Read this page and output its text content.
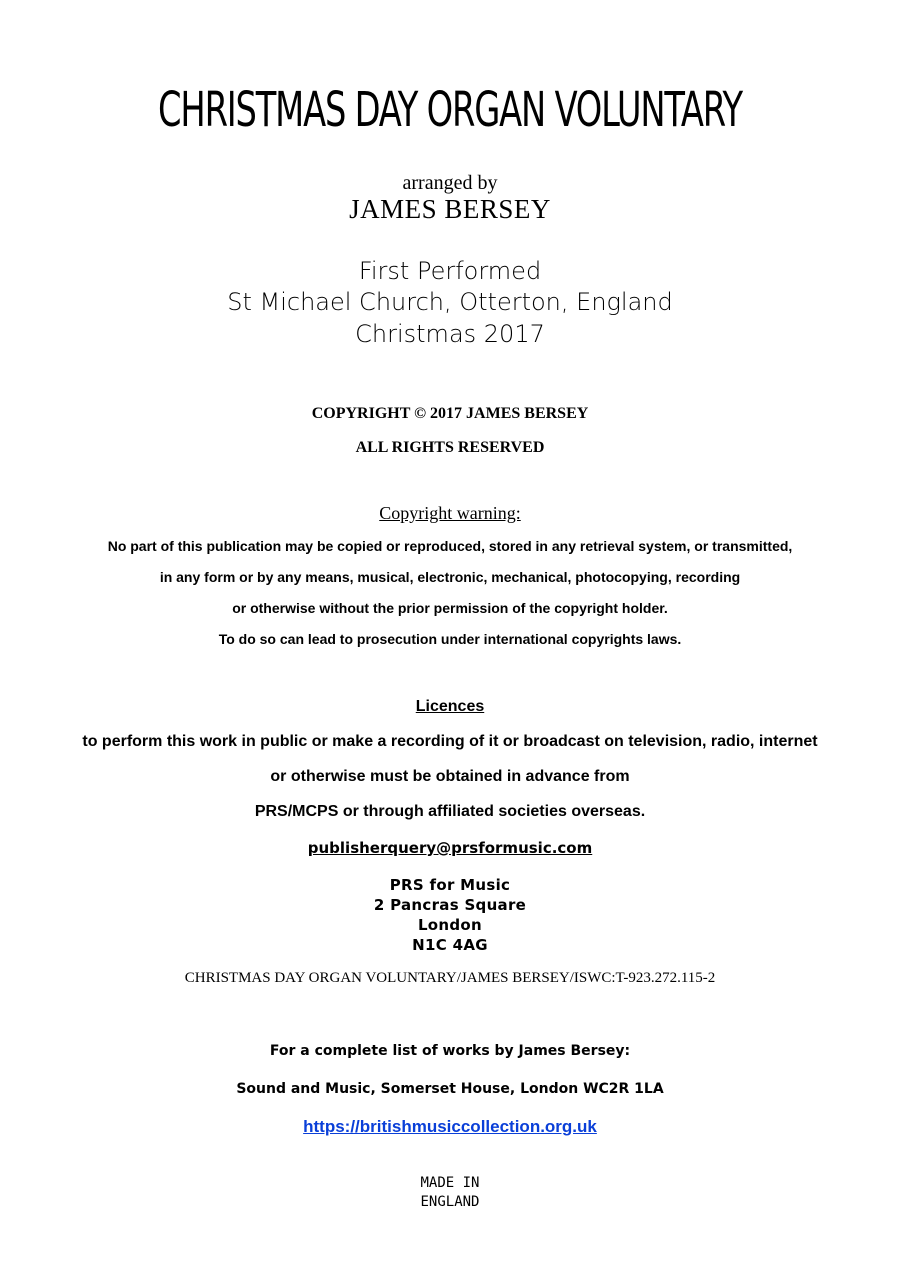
CHRISTMAS DAY ORGAN VOLUNTARY
arranged by
JAMES BERSEY
First Performed
St Michael Church, Otterton, England
Christmas 2017
COPYRIGHT © 2017 JAMES BERSEY
ALL RIGHTS RESERVED
Copyright warning:
No part of this publication may be copied or reproduced, stored in any retrieval system, or transmitted,
in any form or by any means, musical, electronic, mechanical, photocopying, recording
or otherwise without the prior permission of the copyright holder.
To do so can lead to prosecution under international copyrights laws.
Licences
to perform this work in public or make a recording of it or broadcast on television, radio, internet
or otherwise must be obtained in advance from
PRS/MCPS or through affiliated societies overseas.
publisherquery@prsformusic.com
PRS for Music
2 Pancras Square
London
N1C 4AG
CHRISTMAS DAY ORGAN VOLUNTARY/JAMES BERSEY/ISWC:T-923.272.115-2
For a complete list of works by James Bersey:
Sound and Music, Somerset House, London WC2R 1LA
https://britishmusiccollection.org.uk
MADE IN
ENGLAND
